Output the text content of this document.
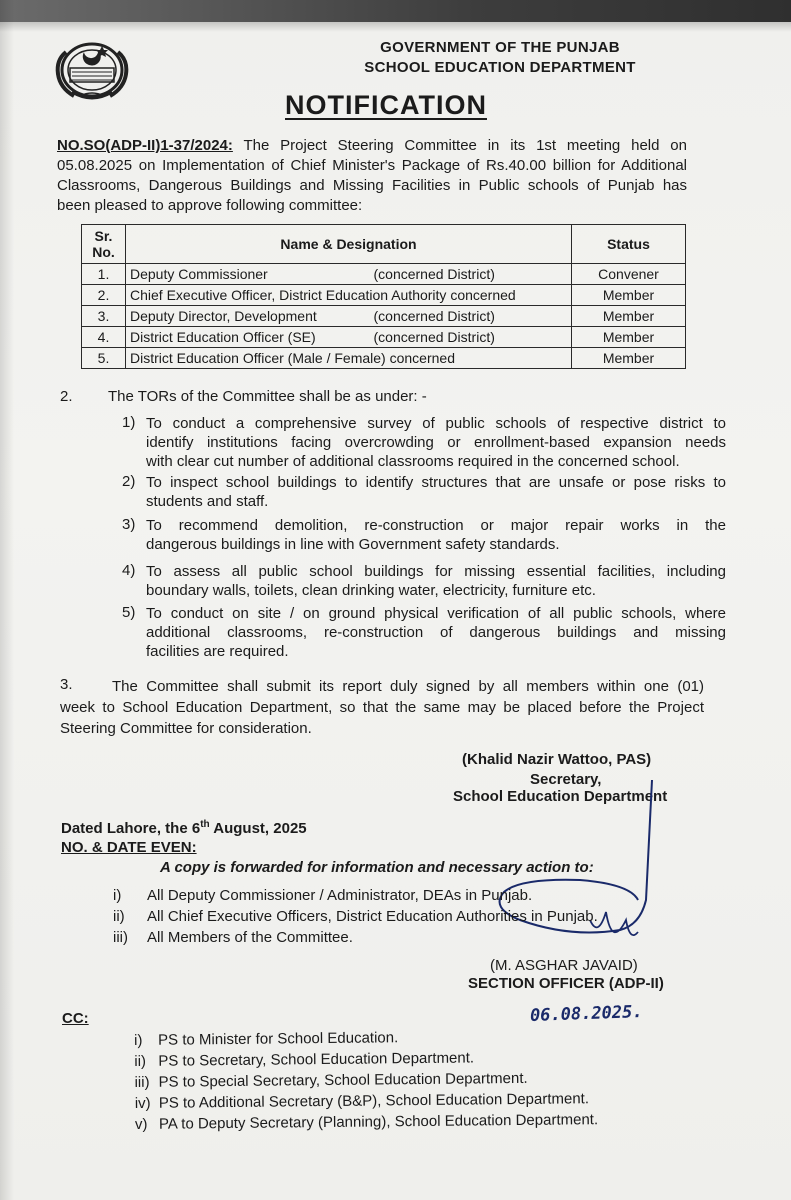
GOVERNMENT OF THE PUNJAB
SCHOOL EDUCATION DEPARTMENT
NOTIFICATION
NO.SO(ADP-II)1-37/2024: The Project Steering Committee in its 1st meeting held on
05.08.2025 on Implementation of Chief Minister's Package of Rs.40.00 billion for Additional
Classrooms, Dangerous Buildings and Missing Facilities in Public schools of Punjab has
been pleased to approve following committee:
Sr. No.	Name & Designation	Status
1.	Deputy Commissioner (concerned District)	Convener
2.	Chief Executive Officer, District Education Authority concerned	Member
3.	Deputy Director, Development (concerned District)	Member
4.	District Education Officer (SE) (concerned District)	Member
5.	District Education Officer (Male / Female) concerned	Member
2. The TORs of the Committee shall be as under: -
1) To conduct a comprehensive survey of public schools of respective district to
identify institutions facing overcrowding or enrollment-based expansion needs
with clear cut number of additional classrooms required in the concerned school.
2) To inspect school buildings to identify structures that are unsafe or pose risks to
students and staff.
3) To recommend demolition, re-construction or major repair works in the
dangerous buildings in line with Government safety standards.
4) To assess all public school buildings for missing essential facilities, including
boundary walls, toilets, clean drinking water, electricity, furniture etc.
5) To conduct on site / on ground physical verification of all public schools, where
additional classrooms, re-construction of dangerous buildings and missing
facilities are required.
3.	The Committee shall submit its report duly signed by all members within one (01)
week to School Education Department, so that the same may be placed before the Project
Steering Committee for consideration.
(Khalid Nazir Wattoo, PAS)
Secretary,
School Education Department
Dated Lahore, the 6th August, 2025
NO. & DATE EVEN:
A copy is forwarded for information and necessary action to:
i) All Deputy Commissioner / Administrator, DEAs in Punjab.
ii) All Chief Executive Officers, District Education Authorities in Punjab.
iii) All Members of the Committee.
(M. ASGHAR JAVAID)
SECTION OFFICER (ADP-II)
06.08.2025.
CC:
i) PS to Minister for School Education.
ii) PS to Secretary, School Education Department.
iii) PS to Special Secretary, School Education Department.
iv) PS to Additional Secretary (B&P), School Education Department.
v) PA to Deputy Secretary (Planning), School Education Department.
